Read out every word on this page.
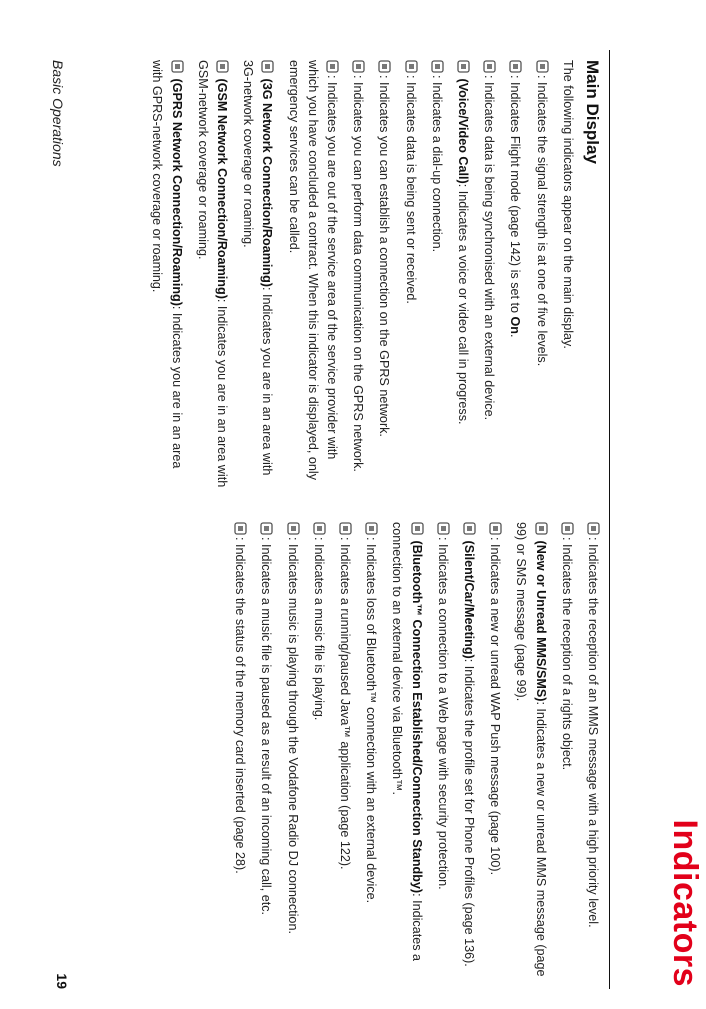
Indicators
Main Display

The following indicators appear on the main display.

: Indicates the signal strength is at one of five levels.

: Indicates Flight mode (page 142) is set to On.

: Indicates data is being synchronised with an external device.

(Voice/Video Call): Indicates a voice or video call in progress.

: Indicates a dial-up connection.

: Indicates data is being sent or received.

: Indicates you can establish a connection on the GPRS network.

: Indicates you can perform data communication on the GPRS network.

: Indicates you are out of the service area of the service provider with which you have concluded a contract. When this indicator is displayed, only emergency services can be called.

(3G Network Connection/Roaming): Indicates you are in an area with 3G-network coverage or roaming.

(GSM Network Connection/Roaming): Indicates you are in an area with GSM-network coverage or roaming.

(GPRS Network Connection/Roaming): Indicates you are in an area with GPRS-network coverage or roaming.

: Indicates the reception of an MMS message with a high priority level.

: Indicates the reception of a rights object.

(New or Unread MMS/SMS): Indicates a new or unread MMS message (page 99) or SMS message (page 99).

: Indicates a new or unread WAP Push message (page 100).

(Silent/Car/Meeting): Indicates the profile set for Phone Profiles (page 136).

: Indicates a connection to a Web page with security protection.

(Bluetooth™ Connection Established/Connection Standby): Indicates a connection to an external device via Bluetooth™.

: Indicates loss of Bluetooth™ connection with an external device.

: Indicates a running/paused Java™ application (page 122).

: Indicates a music file is playing.

: Indicates music is playing through the Vodafone Radio DJ connection.

: Indicates a music file is paused as a result of an incoming call, etc.

: Indicates the status of the memory card inserted (page 28).

Basic Operations
19
